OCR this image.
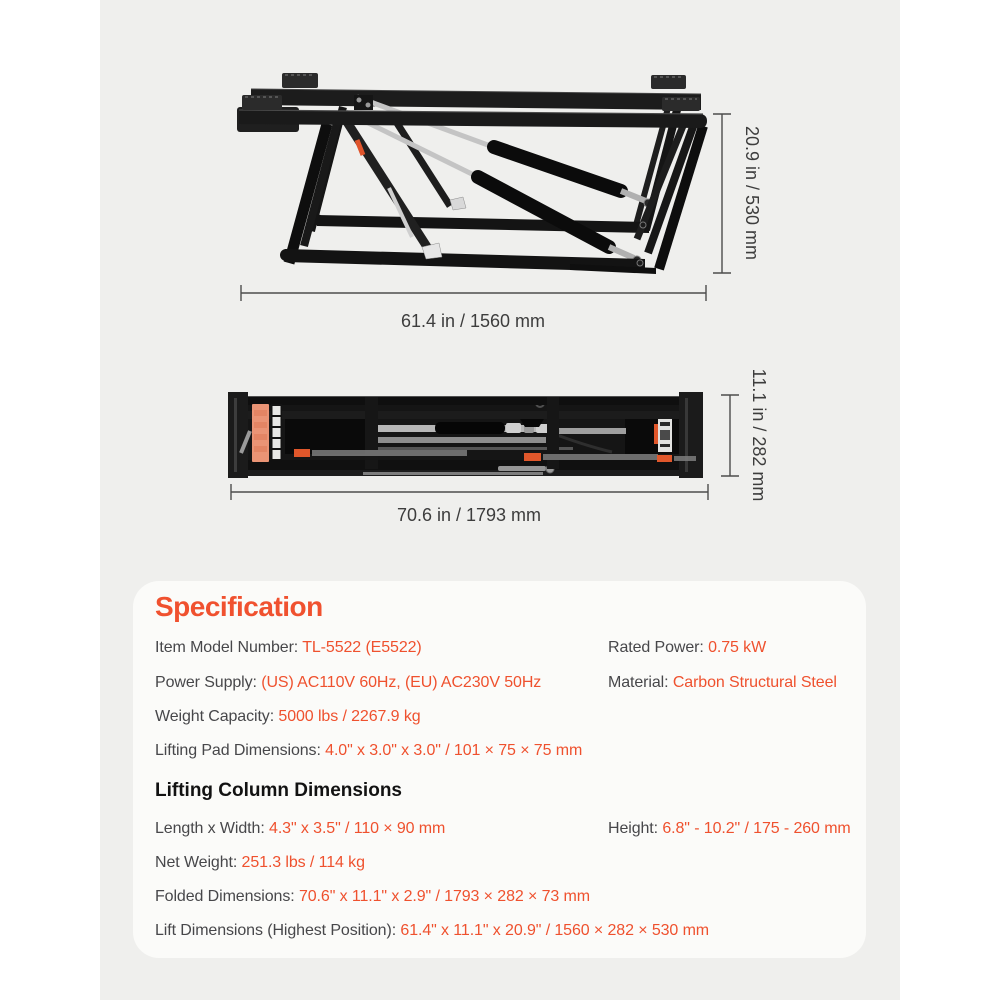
20.9 in / 530 mm
61.4 in / 1560 mm
11.1 in / 282 mm
70.6 in / 1793 mm
Specification
Item Model Number: TL-5522 (E5522)
Power Supply: (US) AC110V 60Hz, (EU) AC230V 50Hz
Weight Capacity: 5000 lbs / 2267.9 kg
Lifting Pad Dimensions: 4.0" x 3.0" x 3.0" / 101 × 75 × 75 mm
Rated Power: 0.75 kW
Material: Carbon Structural Steel
Lifting Column Dimensions
Length x Width: 4.3" x 3.5" / 110 × 90 mm
Net Weight: 251.3 lbs / 114 kg
Folded Dimensions: 70.6" x 11.1" x 2.9" / 1793 × 282 × 73 mm
Lift Dimensions (Highest Position): 61.4" x 11.1" x 20.9" / 1560 × 282 × 530 mm
Height: 6.8" - 10.2" / 175 - 260 mm
